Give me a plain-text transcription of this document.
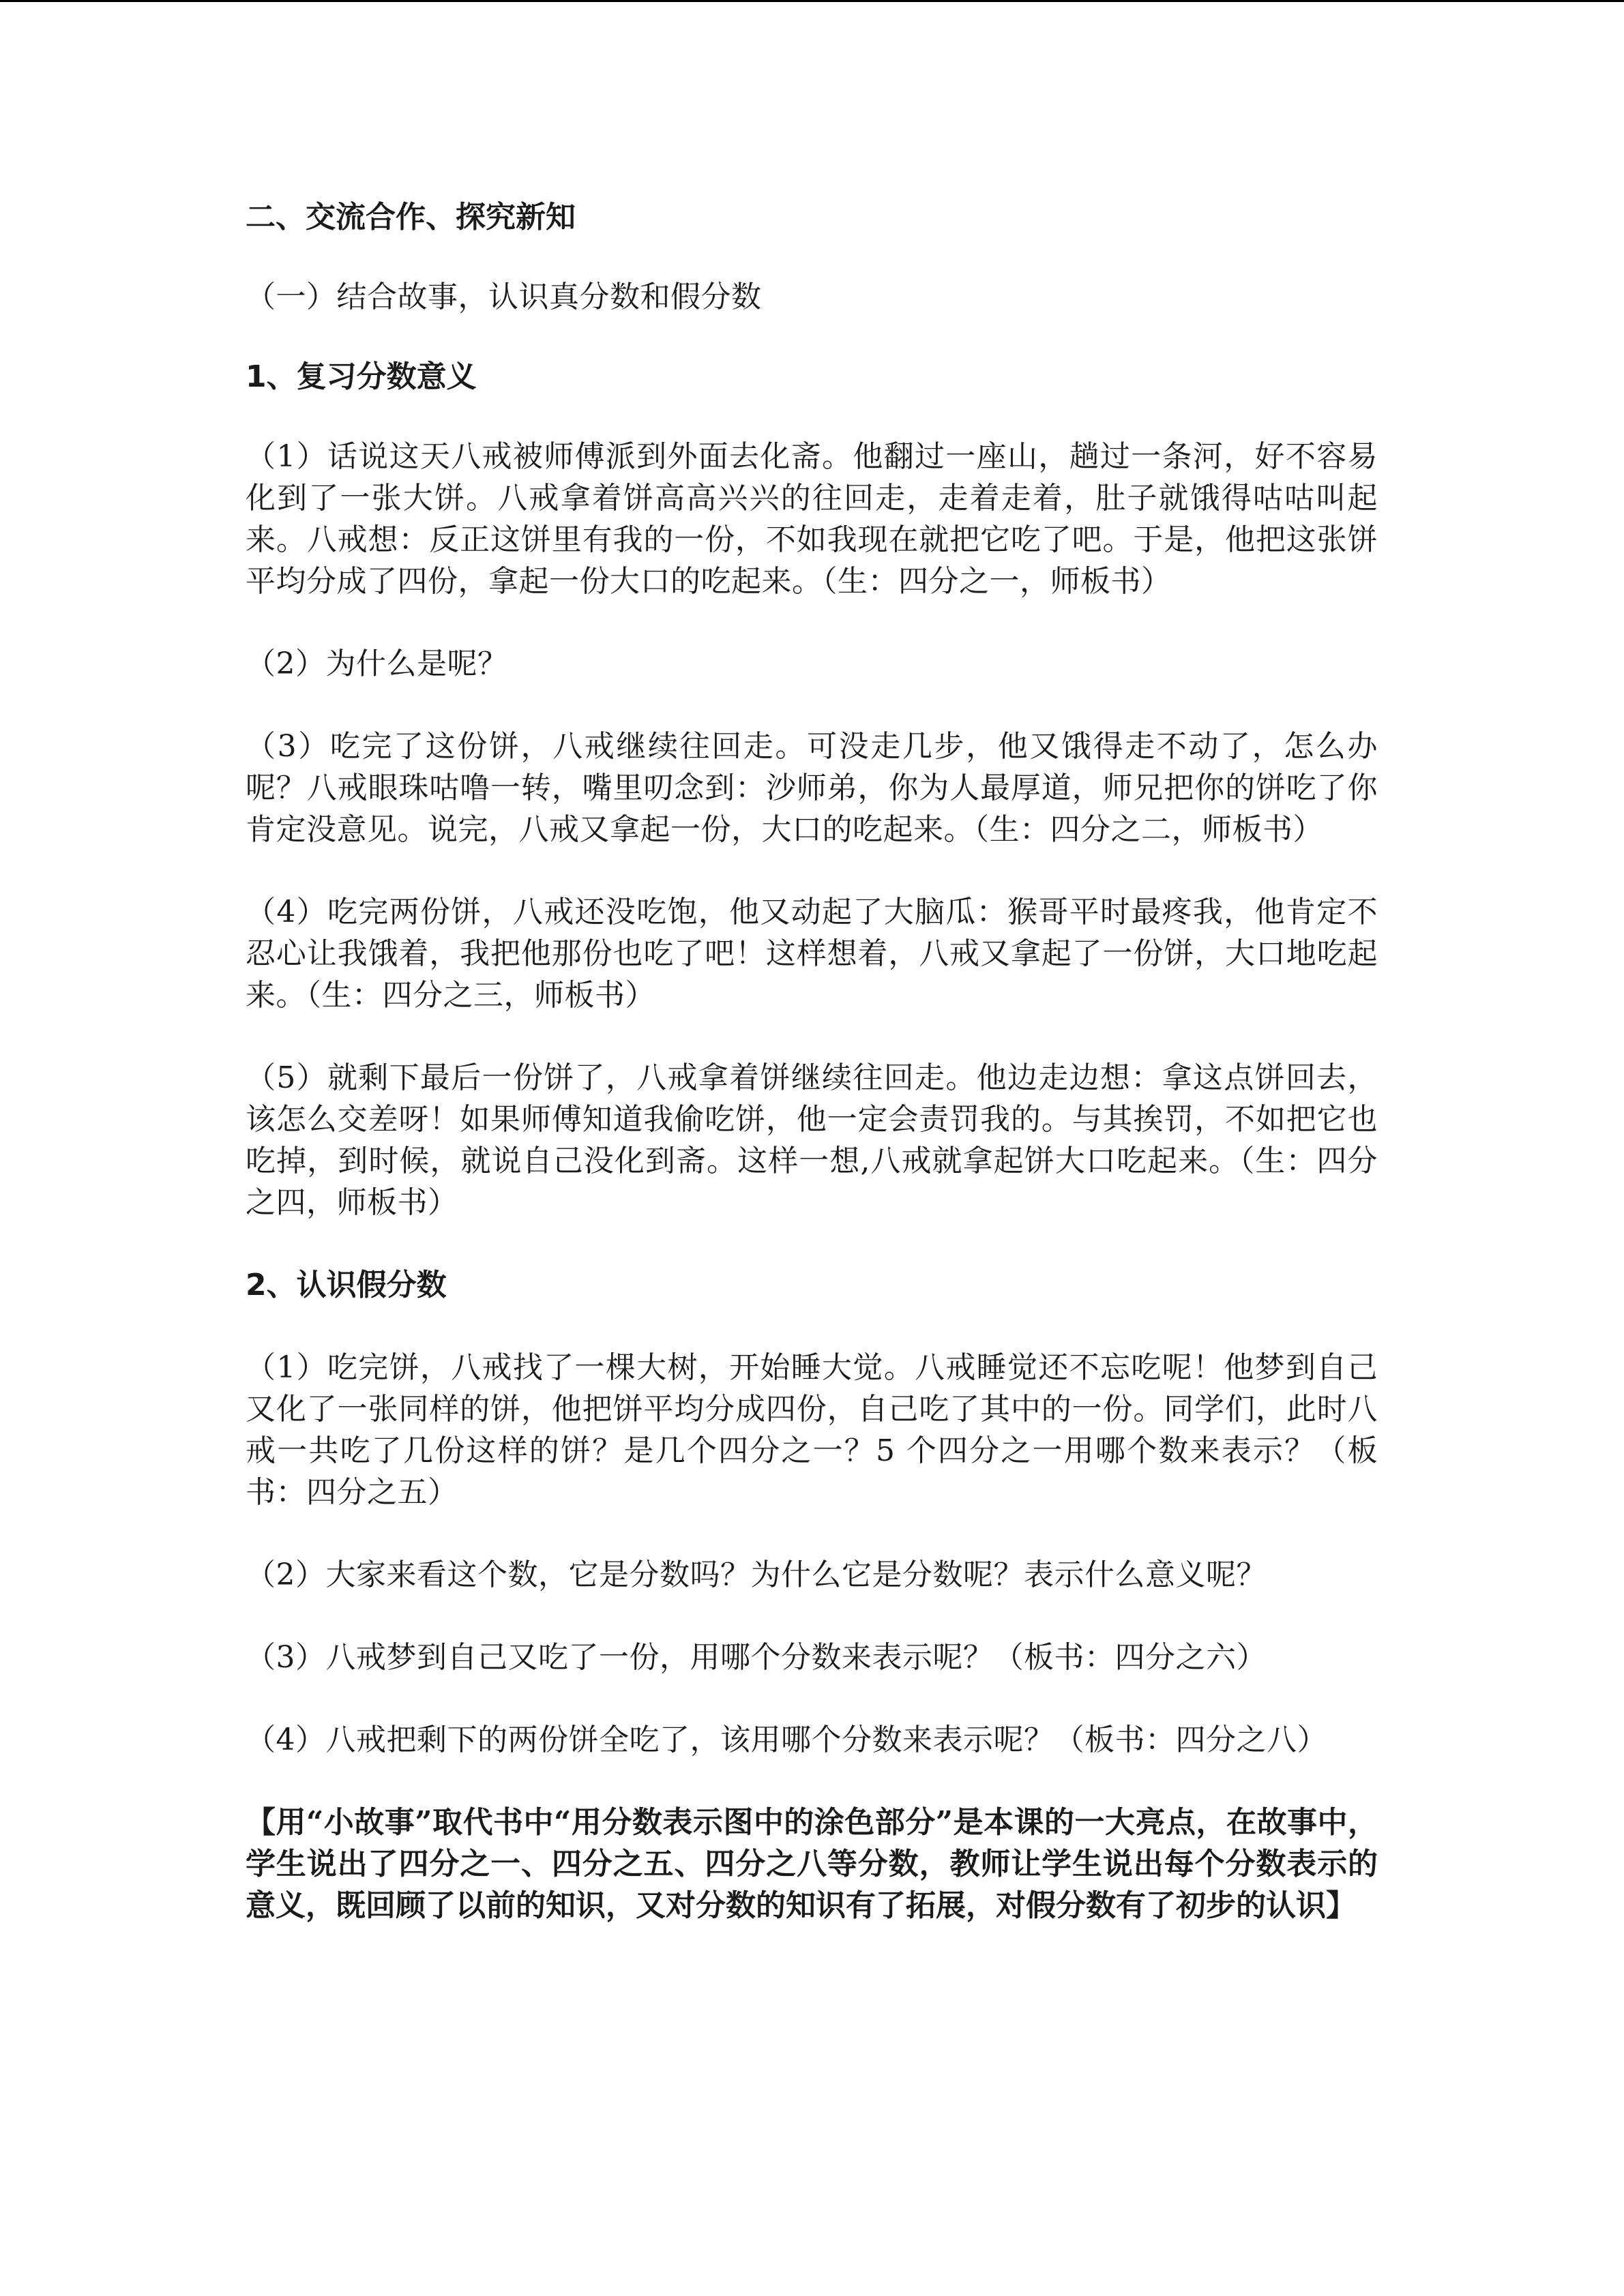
二、交流合作、探究新知

（一）结合故事，认识真分数和假分数

1、复习分数意义

（1）话说这天八戒被师傅派到外面去化斋。他翻过一座山，趟过一条河，好不容易化到了一张大饼。八戒拿着饼高高兴兴的往回走，走着走着，肚子就饿得咕咕叫起来。八戒想：反正这饼里有我的一份，不如我现在就把它吃了吧。于是，他把这张饼平均分成了四份，拿起一份大口的吃起来。（生：四分之一，师板书）

（2）为什么是呢？

（3）吃完了这份饼，八戒继续往回走。可没走几步，他又饿得走不动了，怎么办呢？八戒眼珠咕噜一转，嘴里叨念到：沙师弟，你为人最厚道，师兄把你的饼吃了你肯定没意见。说完，八戒又拿起一份，大口的吃起来。（生：四分之二，师板书）

（4）吃完两份饼，八戒还没吃饱，他又动起了大脑瓜：猴哥平时最疼我，他肯定不忍心让我饿着，我把他那份也吃了吧！这样想着，八戒又拿起了一份饼，大口地吃起来。（生：四分之三，师板书）

（5）就剩下最后一份饼了，八戒拿着饼继续往回走。他边走边想：拿这点饼回去，该怎么交差呀！如果师傅知道我偷吃饼，他一定会责罚我的。与其挨罚，不如把它也吃掉，到时候，就说自己没化到斋。这样一想,八戒就拿起饼大口吃起来。（生：四分之四，师板书）

2、认识假分数

（1）吃完饼，八戒找了一棵大树，开始睡大觉。八戒睡觉还不忘吃呢！他梦到自己又化了一张同样的饼，他把饼平均分成四份，自己吃了其中的一份。同学们，此时八戒一共吃了几份这样的饼？是几个四分之一？5 个四分之一用哪个数来表示？（板书：四分之五）

（2）大家来看这个数，它是分数吗？为什么它是分数呢？表示什么意义呢？

（3）八戒梦到自己又吃了一份，用哪个分数来表示呢？（板书：四分之六）

（4）八戒把剩下的两份饼全吃了，该用哪个分数来表示呢？（板书：四分之八）

【用“小故事”取代书中“用分数表示图中的涂色部分”是本课的一大亮点，在故事中，学生说出了四分之一、四分之五、四分之八等分数，教师让学生说出每个分数表示的意义，既回顾了以前的知识，又对分数的知识有了拓展，对假分数有了初步的认识】
